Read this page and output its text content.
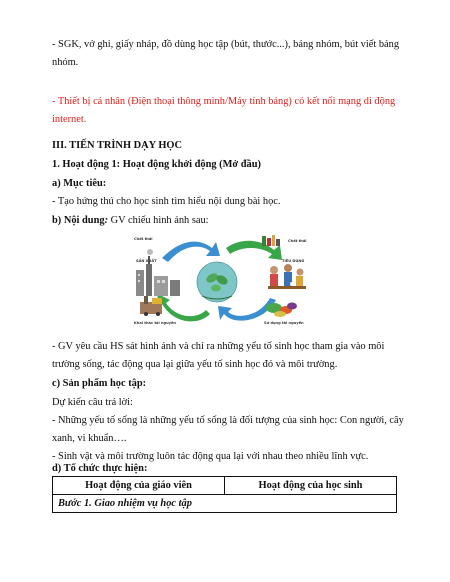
- SGK, vở ghi, giấy nháp, đồ dùng học tập (bút, thước...), bảng nhóm, bút viết bảng
nhóm.
- Thiết bị cá nhân (Điện thoại thông minh/Máy tính bảng) có kết nối mạng di động
internet.
III. TIẾN TRÌNH DẠY HỌC
1. Hoạt động 1: Hoạt động khởi động (Mở đầu)
a) Mục tiêu:
- Tạo hứng thú cho học sinh tìm hiểu nội dung bài học.
b) Nội dung: GV chiếu hình ảnh sau:
Chất thải
SẢN XUẤT
Chất thải
TIÊU DÙNG
Khai thác tài nguyên	Sử dụng tài nguyên
- GV yêu cầu HS sát hình ảnh và chỉ ra những yếu tố sinh học tham gia vào môi
trường sống, tác động qua lại giữa yếu tố sinh học đó và môi trường.
c) Sản phẩm học tập:
Dự kiến câu trả lời:
- Những yếu tố sống là những yếu tố sống là đối tượng của sinh học: Con người, cây
xanh, vi khuẩn….
- Sinh vật và môi trường luôn tác động qua lại với nhau theo nhiều lĩnh vực.
d) Tổ chức thực hiện:
Hoạt động của giáo viên	Hoạt động của học sinh
Bước 1. Giao nhiệm vụ học tập
